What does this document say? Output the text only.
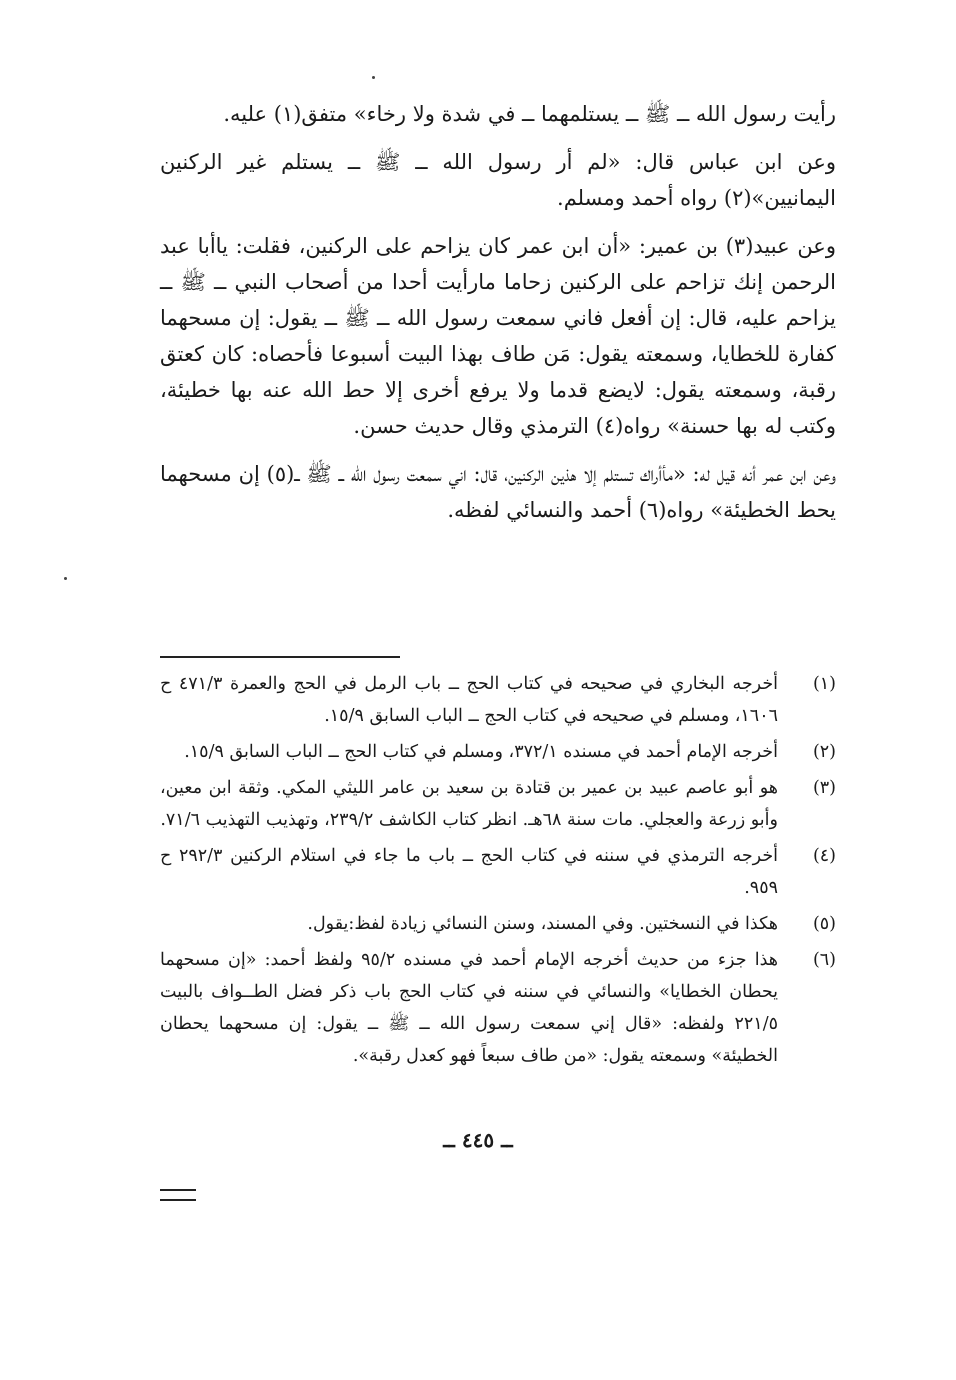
رأيت رسول الله ــ ﷺ ــ يستلمهما ــ في شدة ولا رخاء» متفق(١) عليه.

وعن ابن عباس قال: «لم أر رسول الله ــ ﷺ ــ يستلم غير الركنين اليمانيين»(٢) رواه أحمد ومسلم.

وعن عبيد(٣) بن عمير: «أن ابن عمر كان يزاحم على الركنين، فقلت: ياأبا عبد الرحمن إنك تزاحم على الركنين زحاما مارأيت أحدا من أصحاب النبي ــ ﷺ ــ يزاحم عليه، قال: إن أفعل فاني سمعت رسول الله ــ ﷺ ــ يقول: إن مسحهما كفارة للخطايا، وسمعته يقول: مَن طاف بهذا البيت أسبوعا فأحصاه: كان كعتق رقبة، وسمعته يقول: لايضع قدما ولا يرفع أخرى إلا حط الله عنه بها خطيئة، وكتب له بها حسنة» رواه(٤) الترمذي وقال حديث حسن.

وعن ابن عمر أنه قيل له: «مأأراك تستلم إلا هذين الركنين، قال: اني سمعت رسول الله ــ ﷺ ــ(٥) إن مسحهما يحط الخطيئة» رواه(٦) أحمد والنسائي لفظه.

(١)
أخرجه البخاري في صحيحه في كتاب الحج ــ باب الرمل في الحج والعمرة ٤٧١/٣ ح ١٦٠٦، ومسلم في صحيحه في كتاب الحج ــ الباب السابق ١٥/٩.
(٢)
أخرجه الإمام أحمد في مسنده ٣٧٢/١، ومسلم في كتاب الحج ــ الباب السابق ١٥/٩.
(٣)
هو أبو عاصم عبيد بن عمير بن قتادة بن سعيد بن عامر الليثي المكي. وثقة ابن معين، وأبو زرعة والعجلي. مات سنة ٦٨هـ. انظر كتاب الكاشف ٢٣٩/٢، وتهذيب التهذيب ٧١/٦.
(٤)
أخرجه الترمذي في سننه في كتاب الحج ــ باب ما جاء في استلام الركنين ٢٩٢/٣ ح ٩٥٩.
(٥)
هكذا في النسختين. وفي المسند، وسنن النسائي زيادة لفظ:يقول.
(٦)
هذا جزء من حديث أخرجه الإمام أحمد في مسنده ٩٥/٢ ولفظ أحمد: «إن مسحهما يحطان الخطايا» والنسائي في سننه في كتاب الحج باب ذكر فضل الطــواف بالبيت ٢٢١/٥ ولفظه: «قال إني سمعت رسول الله ــ ﷺ ــ يقول: إن مسحهما يحطان الخطيئة» وسمعته يقول: «من طاف سبعاً فهو كعدل رقبة».
ــ ٤٤٥ ــ
